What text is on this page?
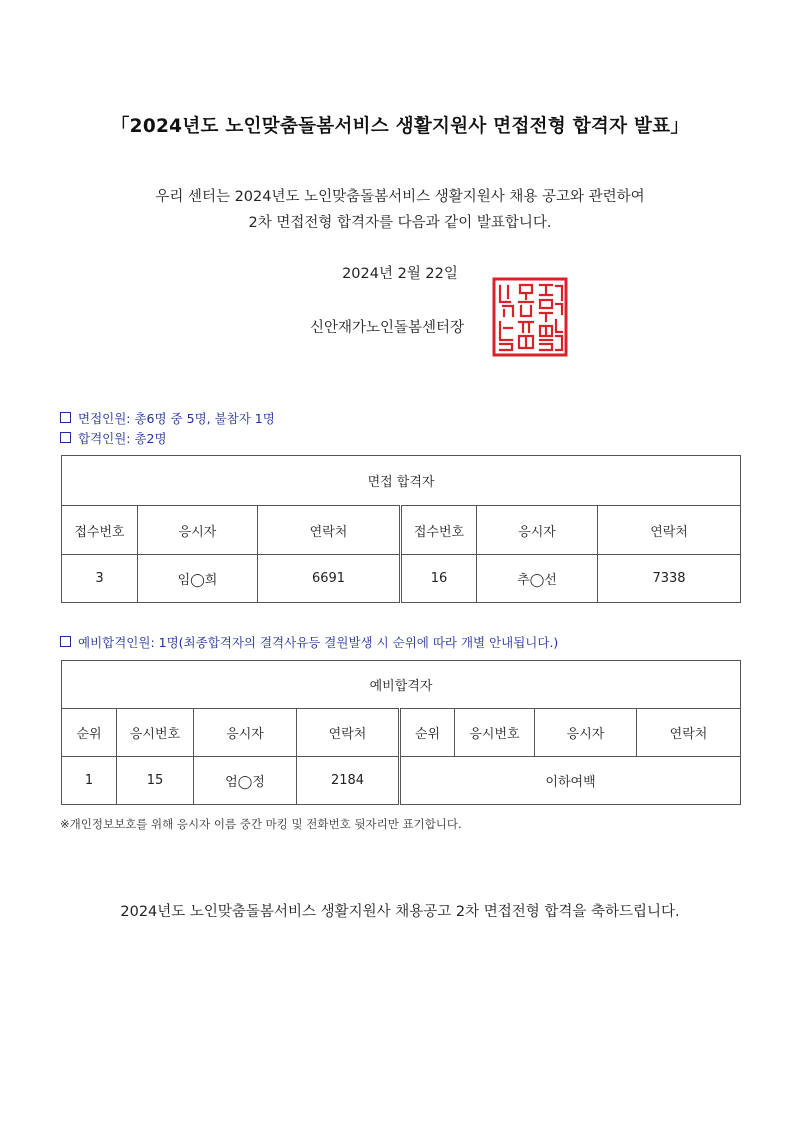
「2024년도 노인맞춤돌봄서비스 생활지원사 면접전형 합격자 발표」
우리 센터는 2024년도 노인맞춤돌봄서비스 생활지원사 채용 공고와 관련하여
2차 면접전형 합격자를 다음과 같이 발표합니다.
2024년 2월 22일
신안재가노인돌봄센터장
면접인원: 총6명 중 5명, 불참자 1명
합격인원: 총2명
면접 합격자					
접수번호	응시자	연락처	접수번호	응시자	연락처
3	임◯희	6691	16	추◯선	7338
예비합격인원: 1명(최종합격자의 결격사유등 결원발생 시 순위에 따라 개별 안내됩니다.)
예비합격자							
순위	응시번호	응시자	연락처	순위	응시번호	응시자	연락처
1	15	엄◯정	2184	이하여백			
※개인정보보호를 위해 응시자 이름 중간 마킹 및 전화번호 뒷자리만 표기합니다.
2024년도 노인맞춤돌봄서비스 생활지원사 채용공고 2차 면접전형 합격을 축하드립니다.
